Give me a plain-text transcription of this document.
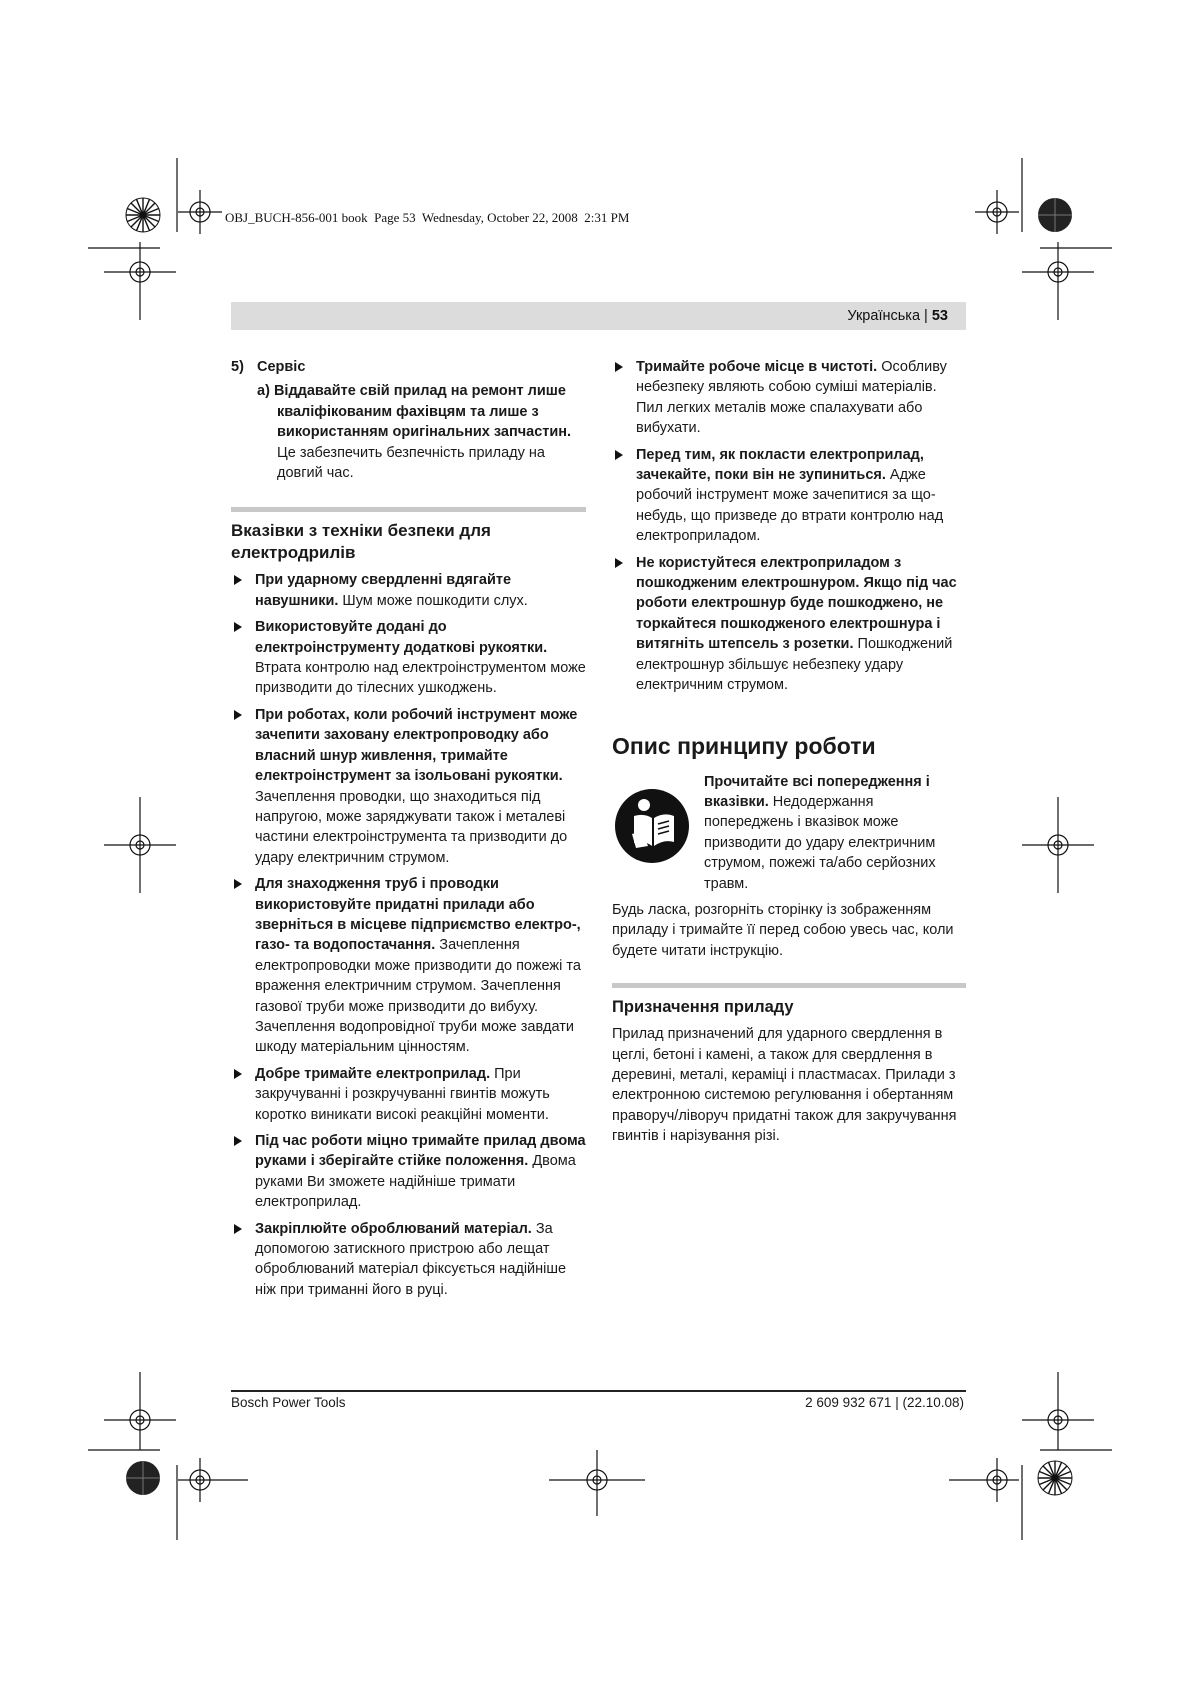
OBJ_BUCH-856-001 book  Page 53  Wednesday, October 22, 2008  2:31 PM
Українська | 53
5) Сервіс
a) Віддавайте свій прилад на ремонт лише кваліфікованим фахівцям та лише з використанням оригінальних запчастин. Це забезпечить безпечність приладу на довгий час.
Вказівки з техніки безпеки для електродрилів
При ударному свердленні вдягайте навушники. Шум може пошкодити слух.
Використовуйте додані до електроінструменту додаткові рукоятки. Втрата контролю над електроінструментом може призводити до тілесних ушкоджень.
При роботах, коли робочий інструмент може зачепити заховану електропроводку або власний шнур живлення, тримайте електроінструмент за ізольовані рукоятки. Зачеплення проводки, що знаходиться під напругою, може заряджувати також і металеві частини електроінструмента та призводити до удару електричним струмом.
Для знаходження труб і проводки використовуйте придатні прилади або зверніться в місцеве підприємство електро-, газо- та водопостачання. Зачеплення електропроводки може призводити до пожежі та враження електричним струмом. Зачеплення газової труби може призводити до вибуху. Зачеплення водопровідної труби може завдати шкоду матеріальним цінностям.
Добре тримайте електроприлад. При закручуванні і розкручуванні гвинтів можуть коротко виникати високі реакційні моменти.
Під час роботи міцно тримайте прилад двома руками і зберігайте стійке положення. Двома руками Ви зможете надійніше тримати електроприлад.
Закріплюйте оброблюваний матеріал. За допомогою затискного пристрою або лещат оброблюваний матеріал фіксується надійніше ніж при триманні його в руці.
Тримайте робоче місце в чистоті. Особливу небезпеку являють собою суміші матеріалів. Пил легких металів може спалахувати або вибухати.
Перед тим, як покласти електроприлад, зачекайте, поки він не зупиниться. Адже робочий інструмент може зачепитися за що-небудь, що призведе до втрати контролю над електроприладом.
Не користуйтеся електроприладом з пошкодженим електрошнуром. Якщо під час роботи електрошнур буде пошкоджено, не торкайтеся пошкодженого електрошнура і витягніть штепсель з розетки. Пошкоджений електрошнур збільшує небезпеку удару електричним струмом.
Опис принципу роботи
Прочитайте всі попередження і вказівки. Недодержання попереджень і вказівок може призводити до удару електричним струмом, пожежі та/або серйозних травм.
Будь ласка, розгорніть сторінку із зображенням приладу і тримайте її перед собою увесь час, коли будете читати інструкцію.
Призначення приладу
Прилад призначений для ударного свердлення в цеглі, бетоні і камені, а також для свердлення в деревині, металі, кераміці і пластмасах. Прилади з електронною системою регулювання і обертанням праворуч/ліворуч придатні також для закручування гвинтів і нарізування різі.
Bosch Power Tools	2 609 932 671 | (22.10.08)
